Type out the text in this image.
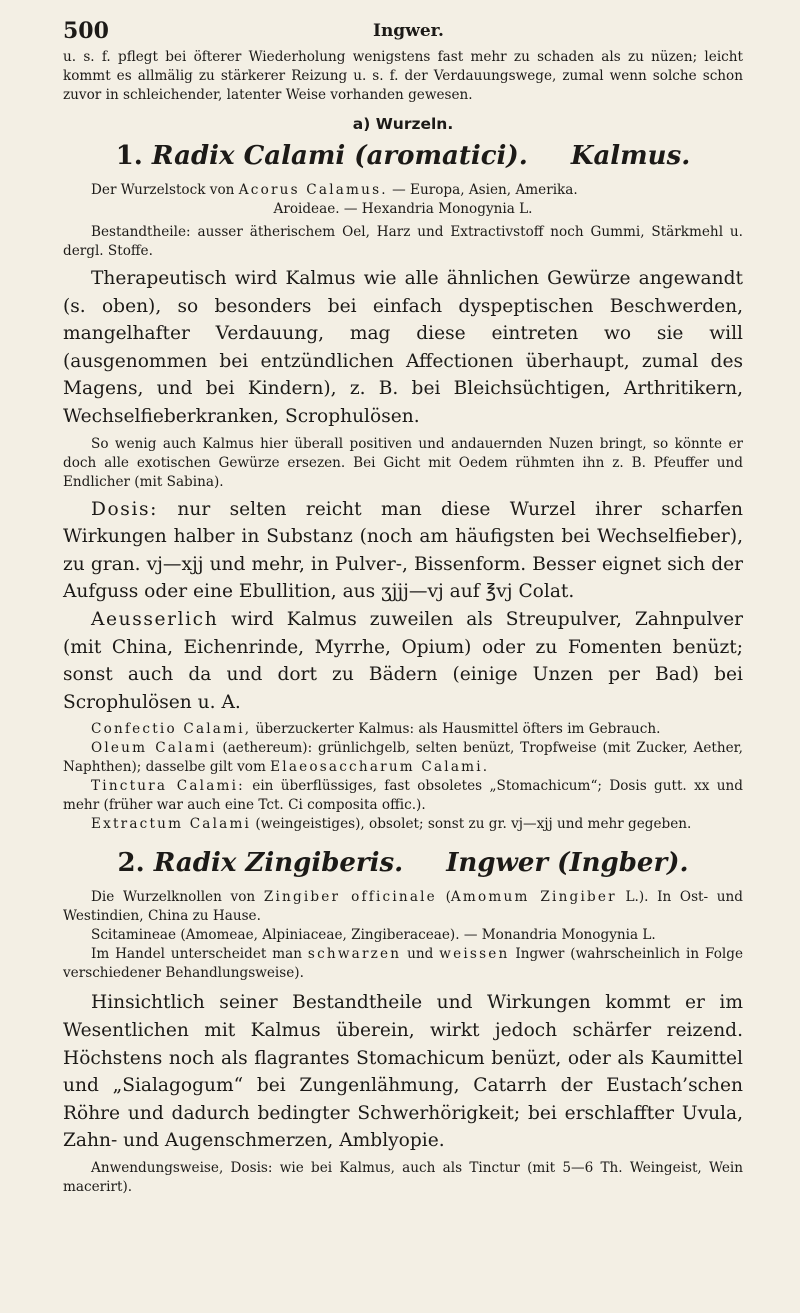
500	Ingwer.

u. s. f. pflegt bei öfterer Wiederholung wenigstens fast mehr zu schaden als zu nüzen; leicht kommt es allmälig zu stärkerer Reizung u. s. f. der Verdauungswege, zumal wenn solche schon zuvor in schleichender, latenter Weise vorhanden gewesen.

a) Wurzeln.
1. Radix Calami (aromatici). Kalmus.

Der Wurzelstock von Acorus Calamus. — Europa, Asien, Amerika.

Aroideae. — Hexandria Monogynia L.

Bestandtheile: ausser ätherischem Oel, Harz und Extractivstoff noch Gummi, Stärkmehl u. dergl. Stoffe.

Therapeutisch wird Kalmus wie alle ähnlichen Gewürze angewandt (s. oben), so besonders bei einfach dyspeptischen Beschwerden, mangelhafter Verdauung, mag diese eintreten wo sie will (ausgenommen bei entzündlichen Affectionen überhaupt, zumal des Magens, und bei Kindern), z. B. bei Bleichsüchtigen, Arthritikern, Wechselfieberkranken, Scrophulösen.

So wenig auch Kalmus hier überall positiven und andauernden Nuzen bringt, so könnte er doch alle exotischen Gewürze ersezen. Bei Gicht mit Oedem rühmten ihn z. B. Pfeuffer und Endlicher (mit Sabina).

Dosis: nur selten reicht man diese Wurzel ihrer scharfen Wirkungen halber in Substanz (noch am häufigsten bei Wechselfieber), zu gran. vj—xjj und mehr, in Pulver-, Bissenform. Besser eignet sich der Aufguss oder eine Ebullition, aus ʒjjj—vj auf ℥vj Colat.

Aeusserlich wird Kalmus zuweilen als Streupulver, Zahnpulver (mit China, Eichenrinde, Myrrhe, Opium) oder zu Fomenten benüzt; sonst auch da und dort zu Bädern (einige Unzen per Bad) bei Scrophulösen u. A.

Confectio Calami, überzuckerter Kalmus: als Hausmittel öfters im Gebrauch.

Oleum Calami (aethereum): grünlichgelb, selten benüzt, Tropfweise (mit Zucker, Aether, Naphthen); dasselbe gilt vom Elaeosaccharum Calami.

Tinctura Calami: ein überflüssiges, fast obsoletes „Stomachicum“; Dosis gutt. xx und mehr (früher war auch eine Tct. Ci composita offic.).

Extractum Calami (weingeistiges), obsolet; sonst zu gr. vj—xjj und mehr gegeben.

2. Radix Zingiberis. Ingwer (Ingber).

Die Wurzelknollen von Zingiber officinale (Amomum Zingiber L.). In Ost- und Westindien, China zu Hause.

Scitamineae (Amomeae, Alpiniaceae, Zingiberaceae). — Monandria Monogynia L.

Im Handel unterscheidet man schwarzen und weissen Ingwer (wahrscheinlich in Folge verschiedener Behandlungsweise).

Hinsichtlich seiner Bestandtheile und Wirkungen kommt er im Wesentlichen mit Kalmus überein, wirkt jedoch schärfer reizend. Höchstens noch als flagrantes Stomachicum benüzt, oder als Kaumittel und „Sialagogum“ bei Zungenlähmung, Catarrh der Eustach’schen Röhre und dadurch bedingter Schwerhörigkeit; bei erschlaffter Uvula, Zahn- und Augenschmerzen, Amblyopie.

Anwendungsweise, Dosis: wie bei Kalmus, auch als Tinctur (mit 5—6 Th. Weingeist, Wein macerirt).
